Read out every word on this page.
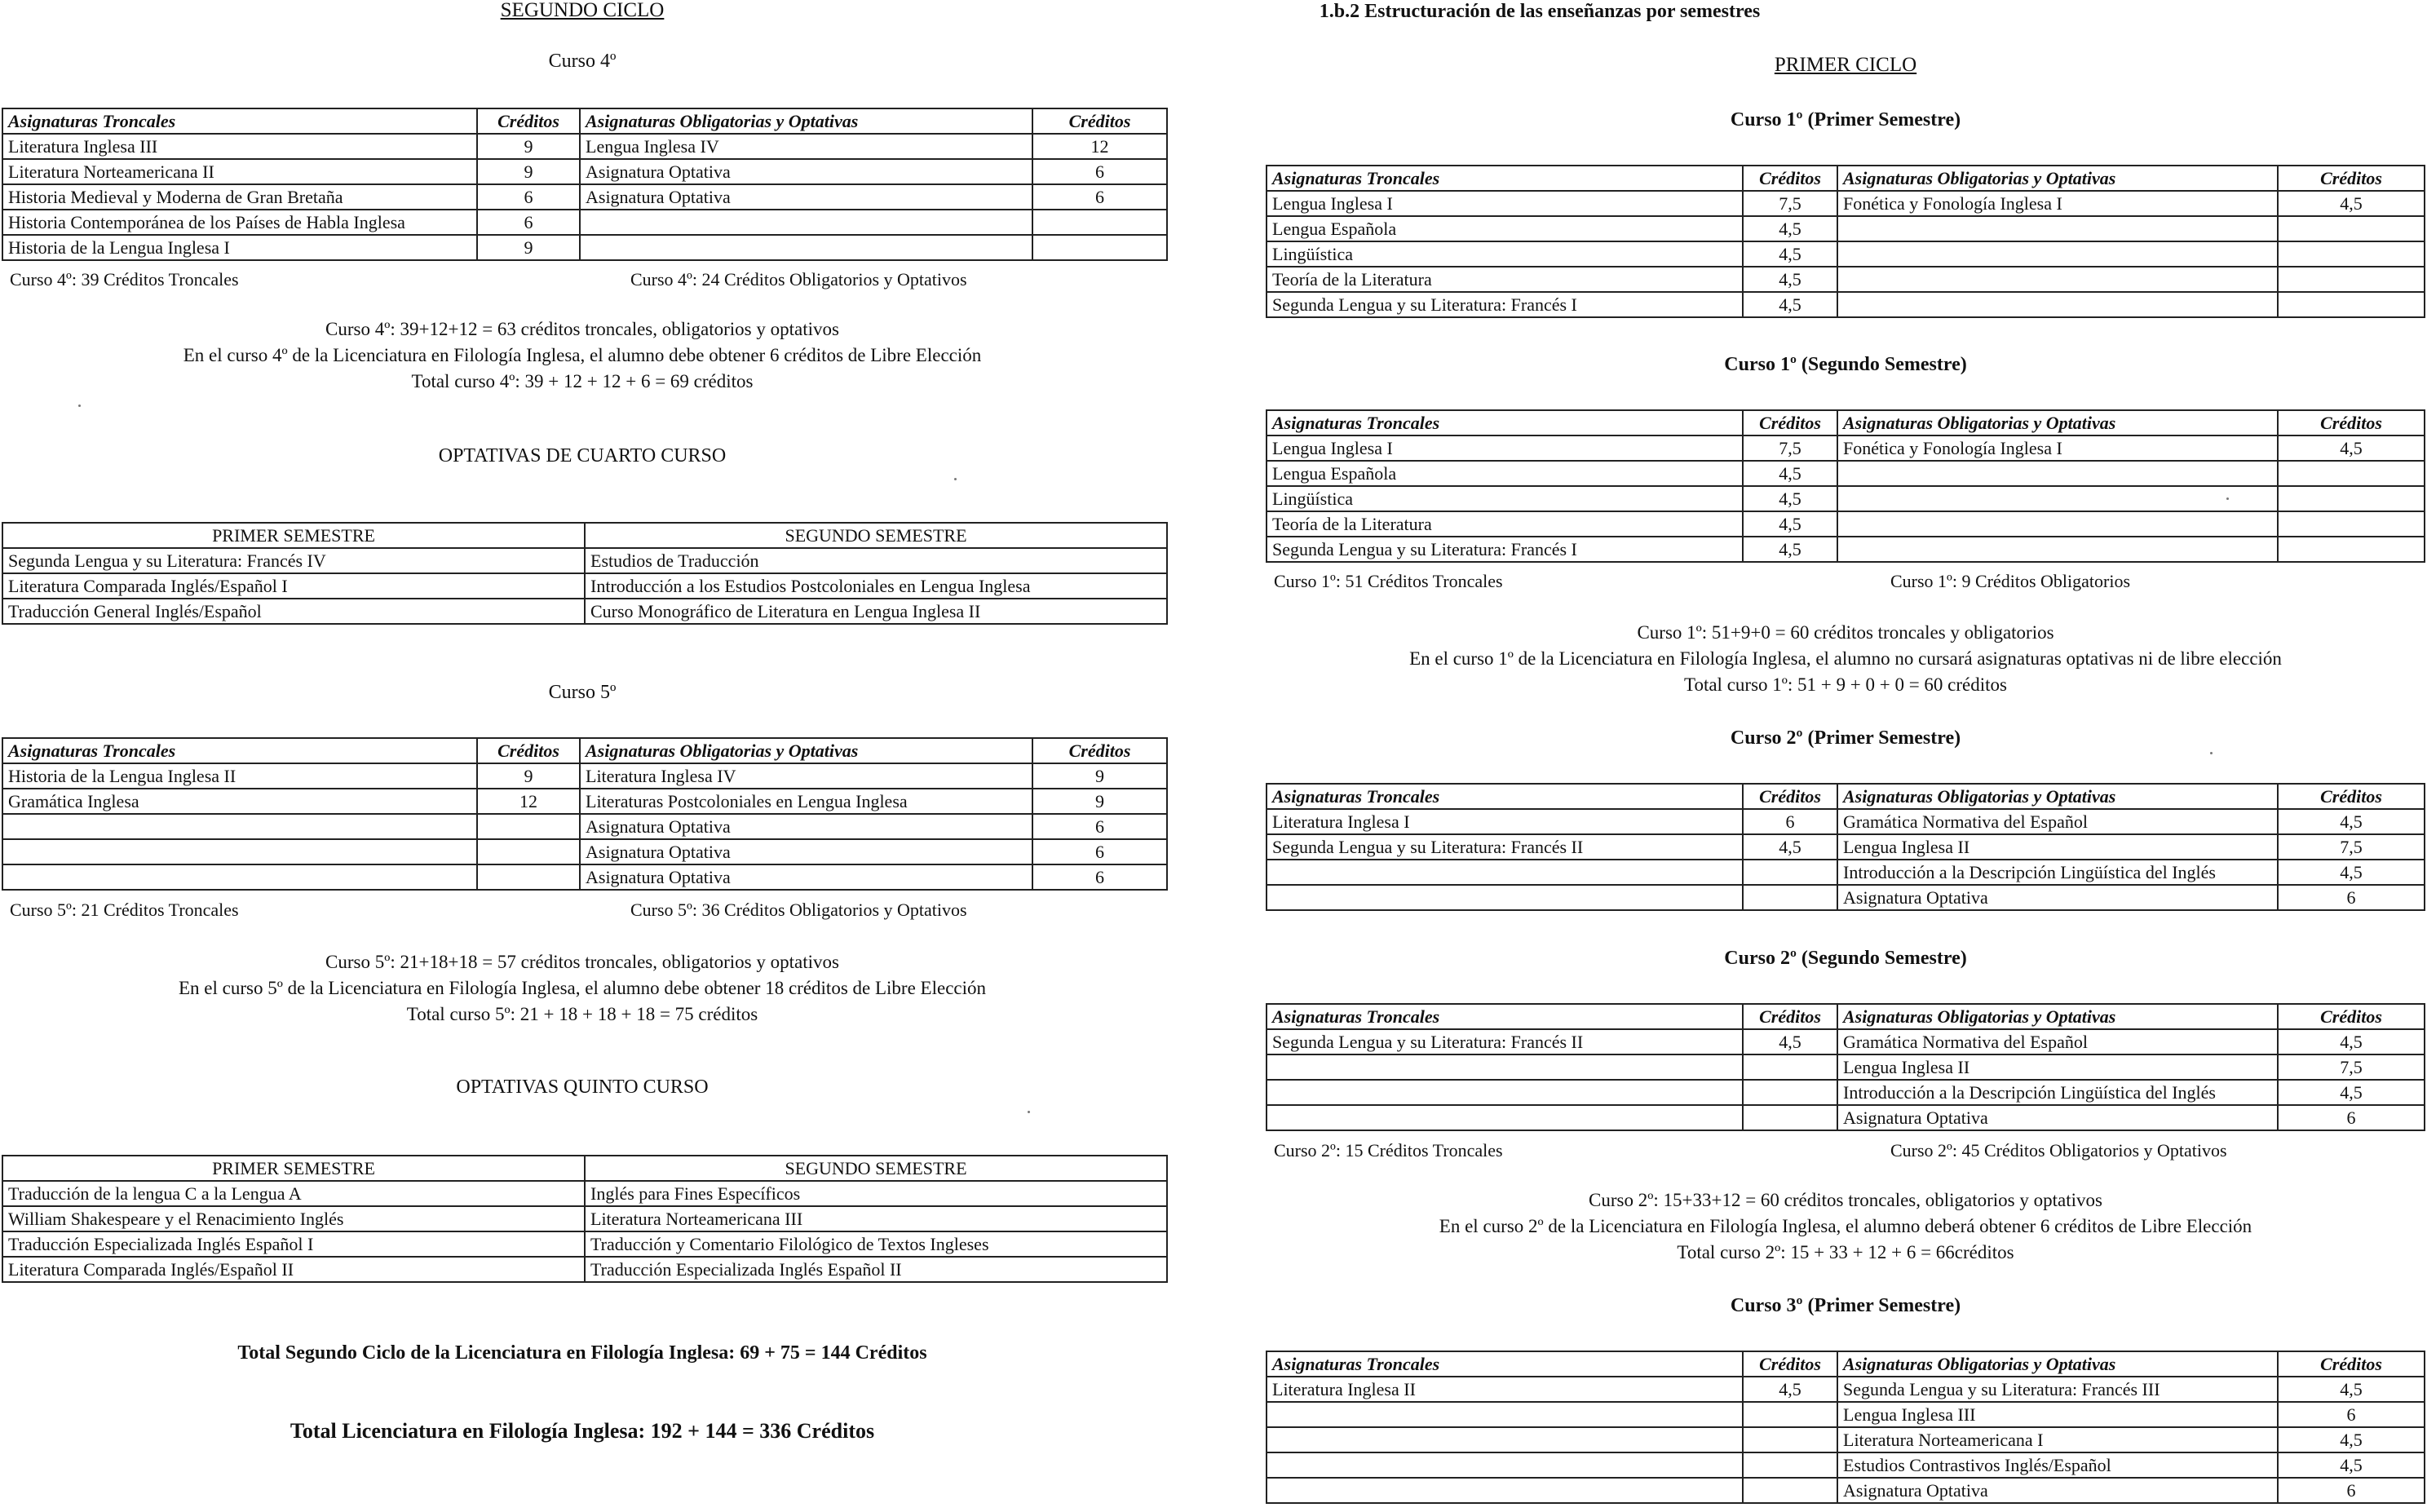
SEGUNDO CICLO
Curso 4º
Asignaturas Troncales	Créditos	Asignaturas Obligatorias y Optativas	Créditos
Literatura Inglesa III	9	Lengua Inglesa IV	12
Literatura Norteamericana II	9	Asignatura Optativa	6
Historia Medieval y Moderna de Gran Bretaña	6	Asignatura Optativa	6
Historia Contemporánea de los Países de Habla Inglesa	6		
Historia de la Lengua Inglesa I	9		
Curso 4º: 39 Créditos Troncales	Curso 4º: 24 Créditos Obligatorios y Optativos
Curso 4º: 39+12+12 = 63 créditos troncales, obligatorios y optativos
En el curso 4º de la Licenciatura en Filología Inglesa, el alumno debe obtener 6 créditos de Libre Elección
Total curso 4º: 39 + 12 + 12 + 6 = 69 créditos
OPTATIVAS DE CUARTO CURSO
PRIMER SEMESTRE	SEGUNDO SEMESTRE
Segunda Lengua y su Literatura: Francés IV	Estudios de Traducción
Literatura Comparada Inglés/Español I	Introducción a los Estudios Postcoloniales en Lengua Inglesa
Traducción General Inglés/Español	Curso Monográfico de Literatura en Lengua Inglesa II
Curso 5º
Asignaturas Troncales	Créditos	Asignaturas Obligatorias y Optativas	Créditos
Historia de la Lengua Inglesa II	9	Literatura Inglesa IV	9
Gramática Inglesa	12	Literaturas Postcoloniales en Lengua Inglesa	9
		Asignatura Optativa	6
		Asignatura Optativa	6
		Asignatura Optativa	6
Curso 5º: 21 Créditos Troncales	Curso 5º: 36 Créditos Obligatorios y Optativos
Curso 5º: 21+18+18 = 57 créditos troncales, obligatorios y optativos
En el curso 5º de la Licenciatura en Filología Inglesa, el alumno debe obtener 18 créditos de Libre Elección
Total curso 5º: 21 + 18 + 18 + 18 = 75 créditos
OPTATIVAS QUINTO CURSO
PRIMER SEMESTRE	SEGUNDO SEMESTRE
Traducción de la lengua C a la Lengua A	Inglés para Fines Específicos
William Shakespeare y el Renacimiento Inglés	Literatura Norteamericana III
Traducción Especializada Inglés Español I	Traducción y Comentario Filológico de Textos Ingleses
Literatura Comparada Inglés/Español II	Traducción Especializada Inglés Español II
Total Segundo Ciclo de la Licenciatura en Filología Inglesa: 69 + 75 = 144 Créditos
Total Licenciatura en Filología Inglesa: 192 + 144 = 336 Créditos
1.b.2 Estructuración de las enseñanzas por semestres
PRIMER CICLO
Curso 1º (Primer Semestre)
Asignaturas Troncales	Créditos	Asignaturas Obligatorias y Optativas	Créditos
Lengua Inglesa I	7,5	Fonética y Fonología Inglesa I	4,5
Lengua Española	4,5		
Lingüística	4,5		
Teoría de la Literatura	4,5		
Segunda Lengua y su Literatura: Francés I	4,5		
Curso 1º (Segundo Semestre)
Asignaturas Troncales	Créditos	Asignaturas Obligatorias y Optativas	Créditos
Lengua Inglesa I	7,5	Fonética y Fonología Inglesa I	4,5
Lengua Española	4,5		
Lingüística	4,5		
Teoría de la Literatura	4,5		
Segunda Lengua y su Literatura: Francés I	4,5		
Curso 1º: 51 Créditos Troncales	Curso 1º: 9 Créditos Obligatorios
Curso 1º: 51+9+0 = 60 créditos troncales y obligatorios
En el curso 1º de la Licenciatura en Filología Inglesa, el alumno no cursará asignaturas optativas ni de libre elección
Total curso 1º: 51 + 9 + 0 + 0 = 60 créditos
Curso 2º (Primer Semestre)
Asignaturas Troncales	Créditos	Asignaturas Obligatorias y Optativas	Créditos
Literatura Inglesa I	6	Gramática Normativa del Español	4,5
Segunda Lengua y su Literatura: Francés II	4,5	Lengua Inglesa II	7,5
		Introducción a la Descripción Lingüística del Inglés	4,5
		Asignatura Optativa	6
Curso 2º (Segundo Semestre)
Asignaturas Troncales	Créditos	Asignaturas Obligatorias y Optativas	Créditos
Segunda Lengua y su Literatura: Francés II	4,5	Gramática Normativa del Español	4,5
		Lengua Inglesa II	7,5
		Introducción a la Descripción Lingüística del Inglés	4,5
		Asignatura Optativa	6
Curso 2º: 15 Créditos Troncales	Curso 2º: 45 Créditos Obligatorios y Optativos
Curso 2º: 15+33+12 = 60 créditos troncales, obligatorios y optativos
En el curso 2º de la Licenciatura en Filología Inglesa, el alumno deberá obtener 6 créditos de Libre Elección
Total curso 2º: 15 + 33 + 12 + 6 = 66créditos
Curso 3º (Primer Semestre)
Asignaturas Troncales	Créditos	Asignaturas Obligatorias y Optativas	Créditos
Literatura Inglesa II	4,5	Segunda Lengua y su Literatura: Francés III	4,5
		Lengua Inglesa III	6
		Literatura Norteamericana I	4,5
		Estudios Contrastivos Inglés/Español	4,5
		Asignatura Optativa	6
